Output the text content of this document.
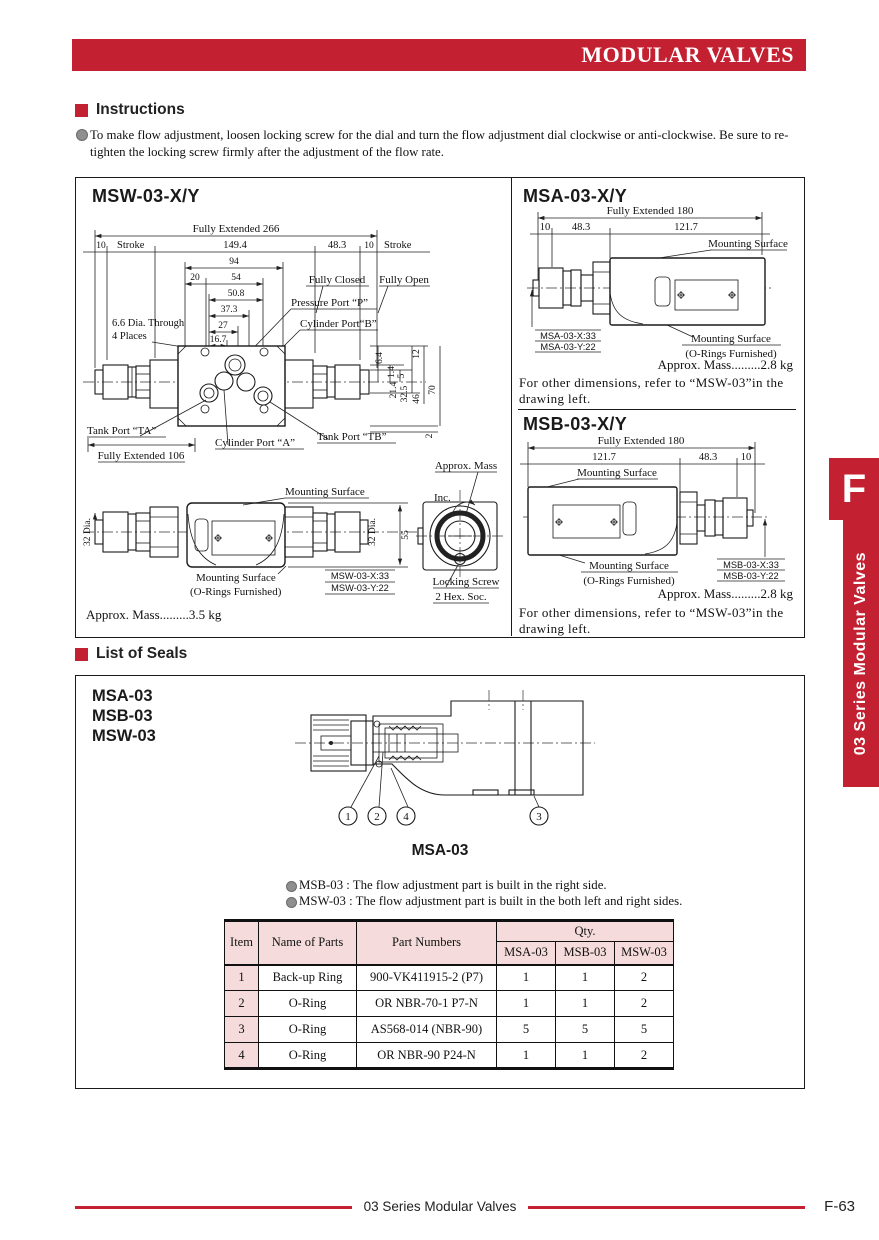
MODULAR VALVES
Instructions
To make flow adjustment, loosen locking screw for the dial and turn the flow adjustment dial clockwise or anti-clockwise. Be sure to re-tighten the locking screw firmly after the adjustment of the flow rate.
MSW-03-X/Y	MSA-03-X/Y
MSB-03-X/Y
Fully Extended 266
10 Stroke	149.4	48.3 10 Stroke
94
20	54
50.8
37.3
27
16.7
6.6 Dia. Through
4 Places
Fully Closed Fully Open
Pressure Port “P”
Cylinder Port“B”
6.4	12
1.4 5
21.4 32.5 46
70
2
Tank Port “TA”
Cylinder Port “A” Tank Port “TB”
Fully Extended 106
32 Dia.	32 Dia. 55
Mounting Surface
Mounting Surface
(O-Rings Furnished)
MSW-03-X:33
MSW-03-Y:22
Approx. Mass
Inc.
Locking Screw
2 Hex. Soc.
Approx. Mass.........3.5 kg
Fully Extended 180
10 48.3	121.7
Mounting Surface
MSA-03-X:33
MSA-03-Y:22
Mounting Surface
(O-Rings Furnished)
Approx. Mass.........2.8 kg
For other dimensions, refer to “MSW-03”in the
drawing left.
Fully Extended 180
121.7	48.3 10
Mounting Surface
MSB-03-X:33
MSB-03-Y:22
Mounting Surface
(O-Rings Furnished)
Approx. Mass.........2.8 kg
For other dimensions, refer to “MSW-03”in the
drawing left.
List of Seals
MSA-03
MSB-03
MSW-03
1 2 4	3
MSA-03
MSB-03 : The flow adjustment part is built in the right side.
MSW-03 : The flow adjustment part is built in the both left and right sides.
Item	Name of Parts	Part Numbers	Qty.		
			MSA-03	MSB-03	MSW-03
1	Back-up Ring	900-VK411915-2 (P7)	1	1	2
2	O-Ring	OR NBR-70-1 P7-N	1	1	2
3	O-Ring	AS568-014 (NBR-90)	5	5	5
4	O-Ring	OR NBR-90 P24-N	1	1	2
F
03 Series Modular Valves
03 Series Modular Valves	F-63
